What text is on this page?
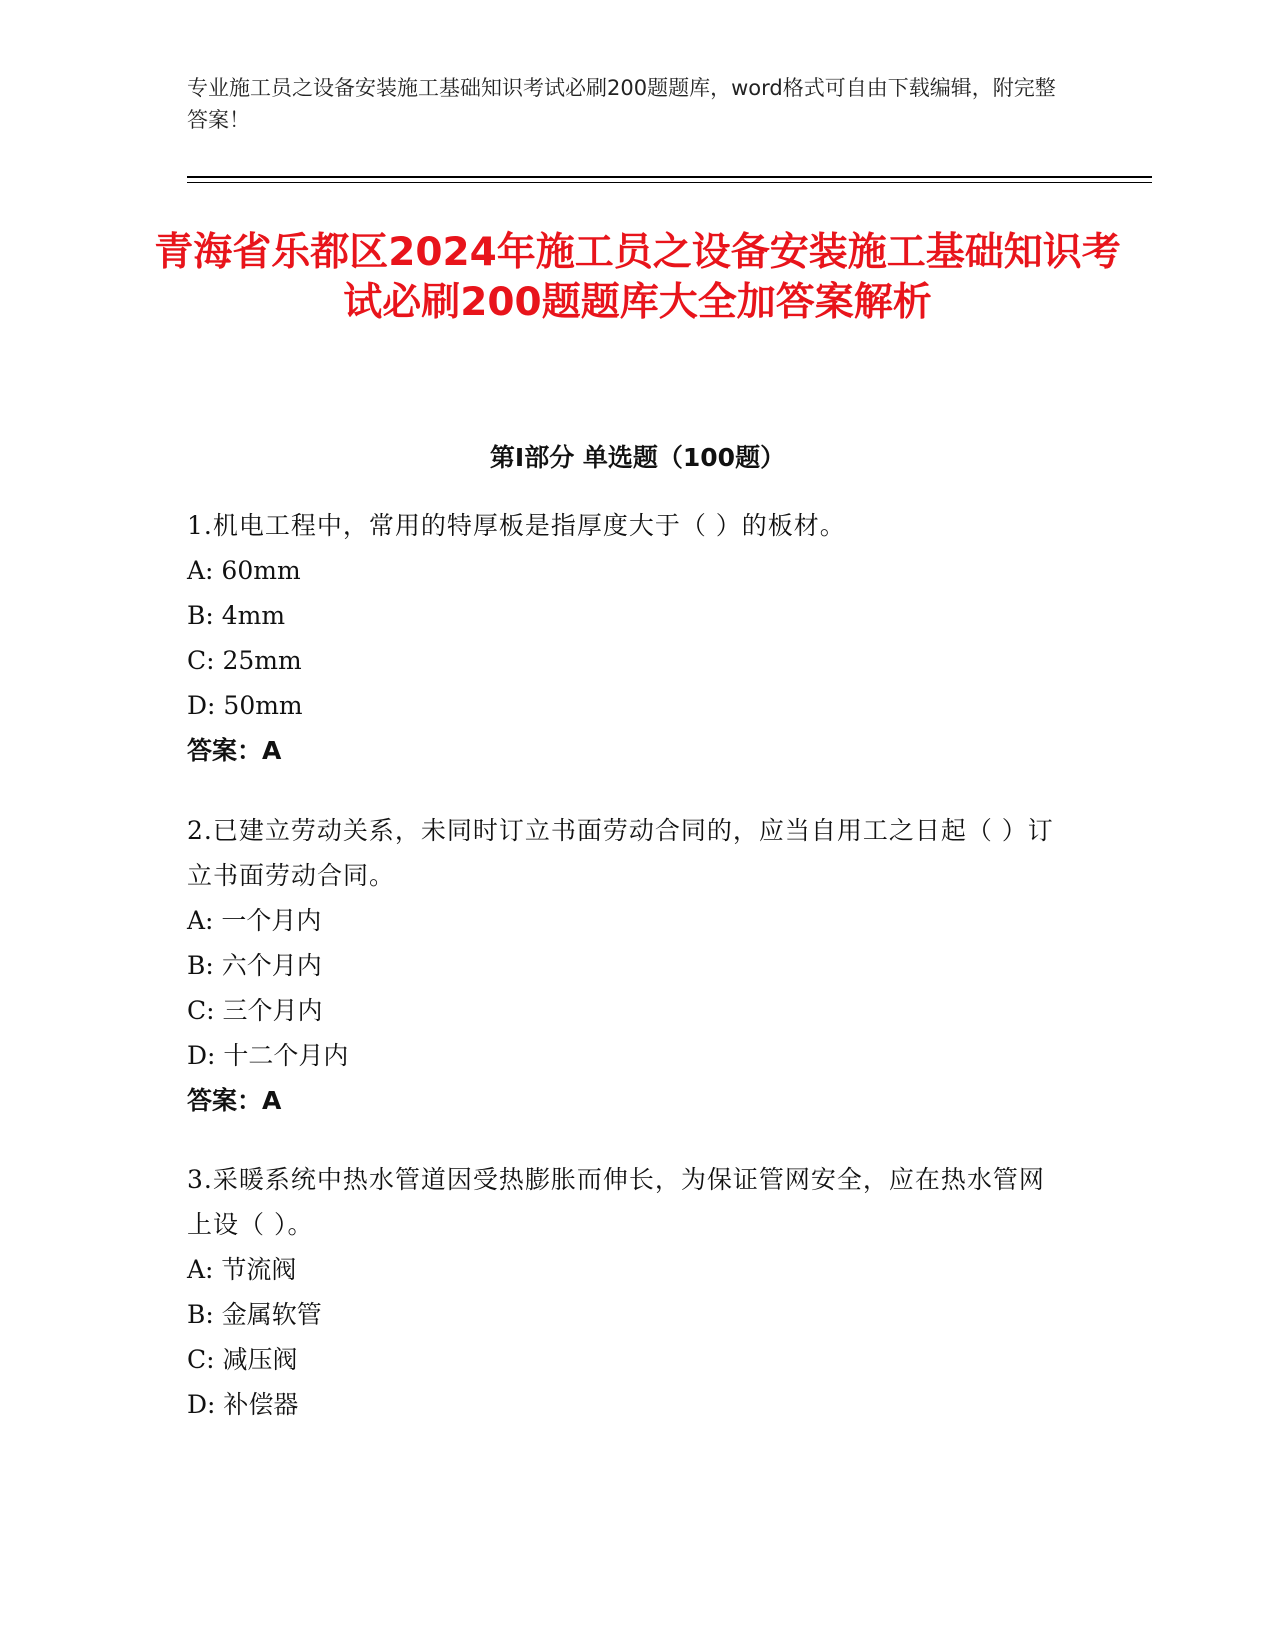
专业施工员之设备安装施工基础知识考试必刷200题题库，word格式可自由下载编辑，附完整答案！
青海省乐都区2024年施工员之设备安装施工基础知识考试必刷200题题库大全加答案解析
第I部分 单选题（100题）
1.机电工程中，常用的特厚板是指厚度大于（ ）的板材。
A: 60mm
B: 4mm
C: 25mm
D: 50mm
答案：A
2.已建立劳动关系，未同时订立书面劳动合同的，应当自用工之日起（ ）订立书面劳动合同。
A: 一个月内
B: 六个月内
C: 三个月内
D: 十二个月内
答案：A
3.采暖系统中热水管道因受热膨胀而伸长，为保证管网安全，应在热水管网上设（ ）。
A: 节流阀
B: 金属软管
C: 减压阀
D: 补偿器
